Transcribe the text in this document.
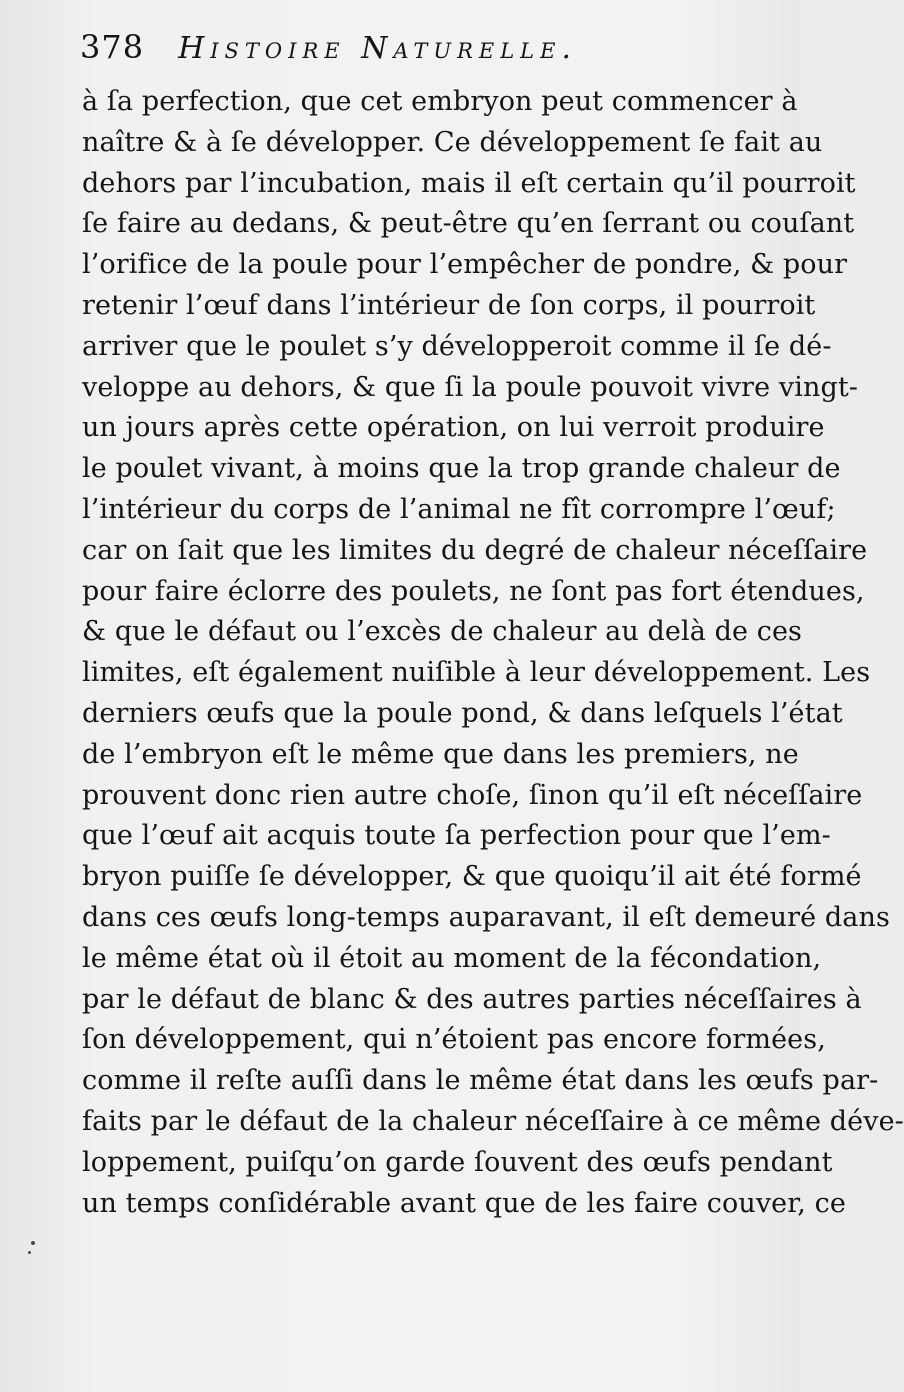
378 Histoire Naturelle.
à ſa perfection, que cet embryon peut commencer à
naître & à ſe développer. Ce développement ſe fait au
dehors par l’incubation, mais il eſt certain qu’il pourroit
ſe faire au dedans, & peut-être qu’en ſerrant ou couſant
l’orifice de la poule pour l’empêcher de pondre, & pour
retenir l’œuf dans l’intérieur de ſon corps, il pourroit
arriver que le poulet s’y développeroit comme il ſe dé-
veloppe au dehors, & que ſi la poule pouvoit vivre vingt-
un jours après cette opération, on lui verroit produire
le poulet vivant, à moins que la trop grande chaleur de
l’intérieur du corps de l’animal ne fît corrompre l’œuf;
car on ſait que les limites du degré de chaleur néceſſaire
pour faire éclorre des poulets, ne ſont pas fort étendues,
& que le défaut ou l’excès de chaleur au delà de ces
limites, eſt également nuiſible à leur développement. Les
derniers œufs que la poule pond, & dans leſquels l’état
de l’embryon eſt le même que dans les premiers, ne
prouvent donc rien autre choſe, ſinon qu’il eſt néceſſaire
que l’œuf ait acquis toute ſa perfection pour que l’em-
bryon puiſſe ſe développer, & que quoiqu’il ait été formé
dans ces œufs long-temps auparavant, il eſt demeuré dans
le même état où il étoit au moment de la fécondation,
par le défaut de blanc & des autres parties néceſſaires à
ſon développement, qui n’étoient pas encore formées,
comme il reſte auſſi dans le même état dans les œufs par-
faits par le défaut de la chaleur néceſſaire à ce même déve-
loppement, puiſqu’on garde ſouvent des œufs pendant
un temps conſidérable avant que de les faire couver, ce
